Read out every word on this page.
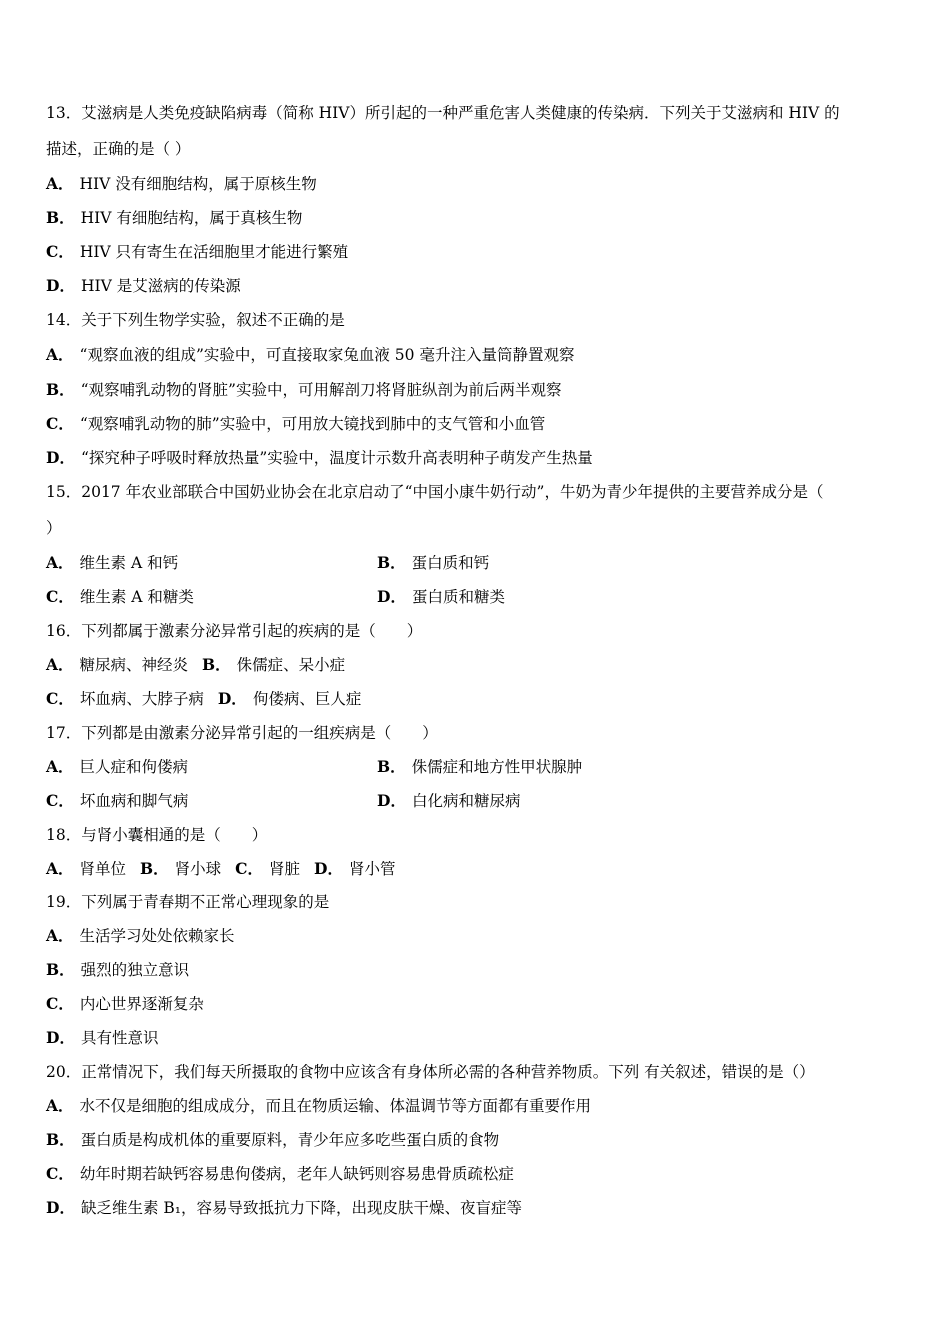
13．艾滋病是人类免疫缺陷病毒（简称 HIV）所引起的一种严重危害人类健康的传染病．下列关于艾滋病和 HIV 的
描述，正确的是（ ）
A． HIV 没有细胞结构，属于原核生物
B． HIV 有细胞结构，属于真核生物
C． HIV 只有寄生在活细胞里才能进行繁殖
D． HIV 是艾滋病的传染源
14．关于下列生物学实验，叙述不正确的是
A． “观察血液的组成”实验中，可直接取家兔血液 50 毫升注入量筒静置观察
B． “观察哺乳动物的肾脏”实验中，可用解剖刀将肾脏纵剖为前后两半观察
C． “观察哺乳动物的肺”实验中，可用放大镜找到肺中的支气管和小血管
D． “探究种子呼吸时释放热量”实验中，温度计示数升高表明种子萌发产生热量
15．2017 年农业部联合中国奶业协会在北京启动了“中国小康牛奶行动”，牛奶为青少年提供的主要营养成分是（
）
A． 维生素 A 和钙	B． 蛋白质和钙
C． 维生素 A 和糖类	D． 蛋白质和糖类
16．下列都属于激素分泌异常引起的疾病的是（　　）
A． 糖尿病、神经炎 B． 侏儒症、呆小症
C． 坏血病、大脖子病 D． 佝偻病、巨人症
17．下列都是由激素分泌异常引起的一组疾病是（　　）
A． 巨人症和佝偻病	B． 侏儒症和地方性甲状腺肿
C． 坏血病和脚气病	D． 白化病和糖尿病
18．与肾小囊相通的是（　　）
A． 肾单位 B． 肾小球 C． 肾脏 D． 肾小管
19．下列属于青春期不正常心理现象的是
A． 生活学习处处依赖家长
B． 强烈的独立意识
C． 内心世界逐渐复杂
D． 具有性意识
20．正常情况下，我们每天所摄取的食物中应该含有身体所必需的各种营养物质。下列 有关叙述，错误的是（）
A． 水不仅是细胞的组成成分，而且在物质运输、体温调节等方面都有重要作用
B． 蛋白质是构成机体的重要原料，青少年应多吃些蛋白质的食物
C． 幼年时期若缺钙容易患佝偻病，老年人缺钙则容易患骨质疏松症
D． 缺乏维生素 B₁，容易导致抵抗力下降，出现皮肤干燥、夜盲症等
